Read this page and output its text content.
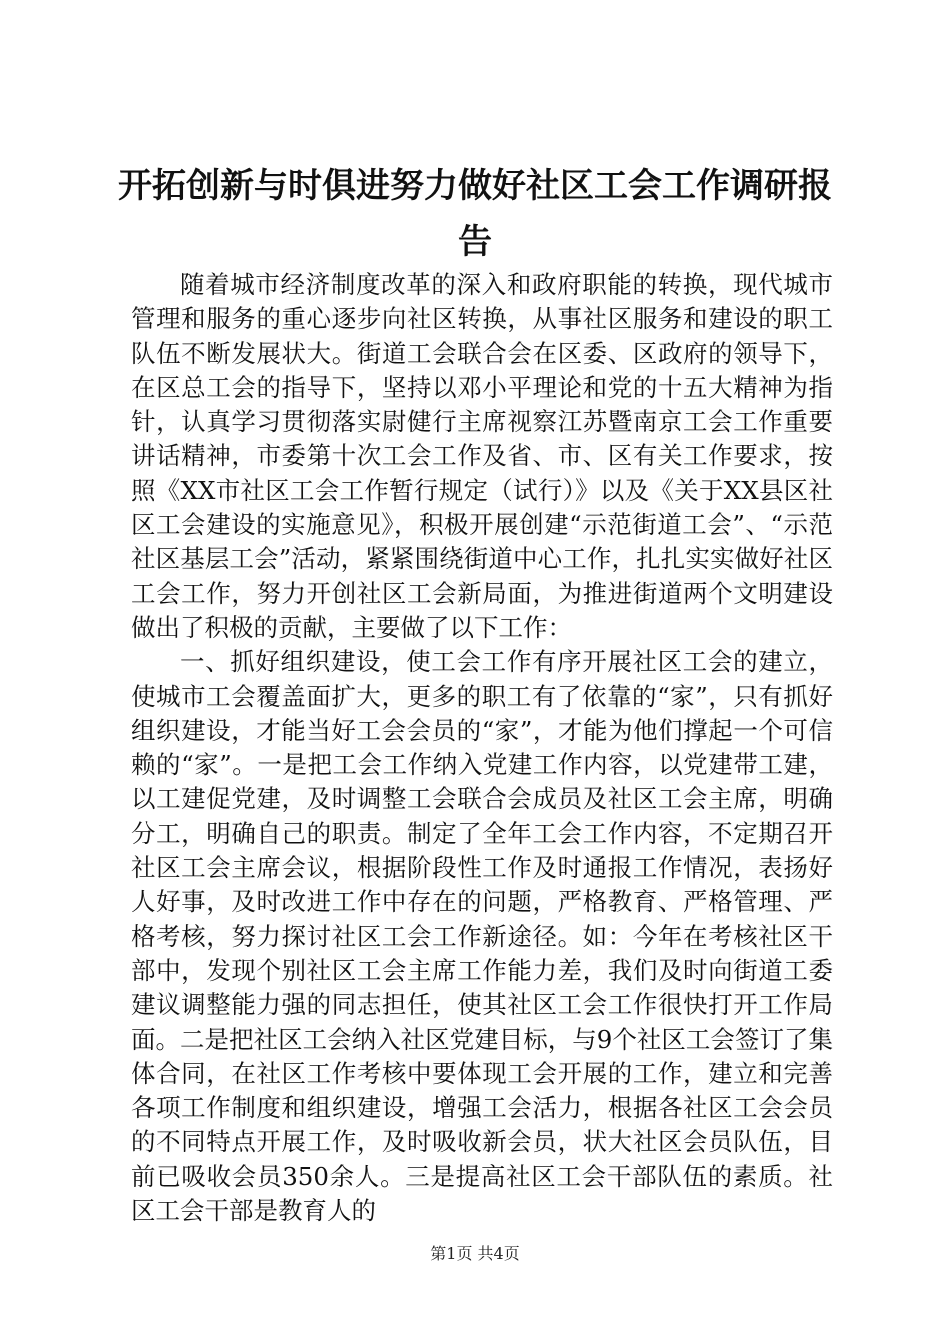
开拓创新与时俱进努力做好社区工会工作调研报告

随着城市经济制度改革的深入和政府职能的转换，现代城市管理和服务的重心逐步向社区转换，从事社区服务和建设的职工队伍不断发展状大。街道工会联合会在区委、区政府的领导下，在区总工会的指导下，坚持以邓小平理论和党的十五大精神为指针，认真学习贯彻落实尉健行主席视察江苏暨南京工会工作重要讲话精神，市委第十次工会工作及省、市、区有关工作要求，按照《XX市社区工会工作暂行规定（试行）》以及《关于XX县区社区工会建设的实施意见》，积极开展创建“示范街道工会”、“示范社区基层工会”活动，紧紧围绕街道中心工作，扎扎实实做好社区工会工作，努力开创社区工会新局面，为推进街道两个文明建设做出了积极的贡献，主要做了以下工作：

一、抓好组织建设，使工会工作有序开展社区工会的建立，使城市工会覆盖面扩大，更多的职工有了依靠的“家”，只有抓好组织建设，才能当好工会会员的“家”，才能为他们撑起一个可信赖的“家”。一是把工会工作纳入党建工作内容，以党建带工建，以工建促党建，及时调整工会联合会成员及社区工会主席，明确分工，明确自己的职责。制定了全年工会工作内容，不定期召开社区工会主席会议，根据阶段性工作及时通报工作情况，表扬好人好事，及时改进工作中存在的问题，严格教育、严格管理、严格考核，努力探讨社区工会工作新途径。如：今年在考核社区干部中，发现个别社区工会主席工作能力差，我们及时向街道工委建议调整能力强的同志担任，使其社区工会工作很快打开工作局面。二是把社区工会纳入社区党建目标，与9个社区工会签订了集体合同，在社区工作考核中要体现工会开展的工作，建立和完善各项工作制度和组织建设，增强工会活力，根据各社区工会会员的不同特点开展工作，及时吸收新会员，状大社区会员队伍，目前已吸收会员350余人。三是提高社区工会干部队伍的素质。社区工会干部是教育人的

第1页 共4页
